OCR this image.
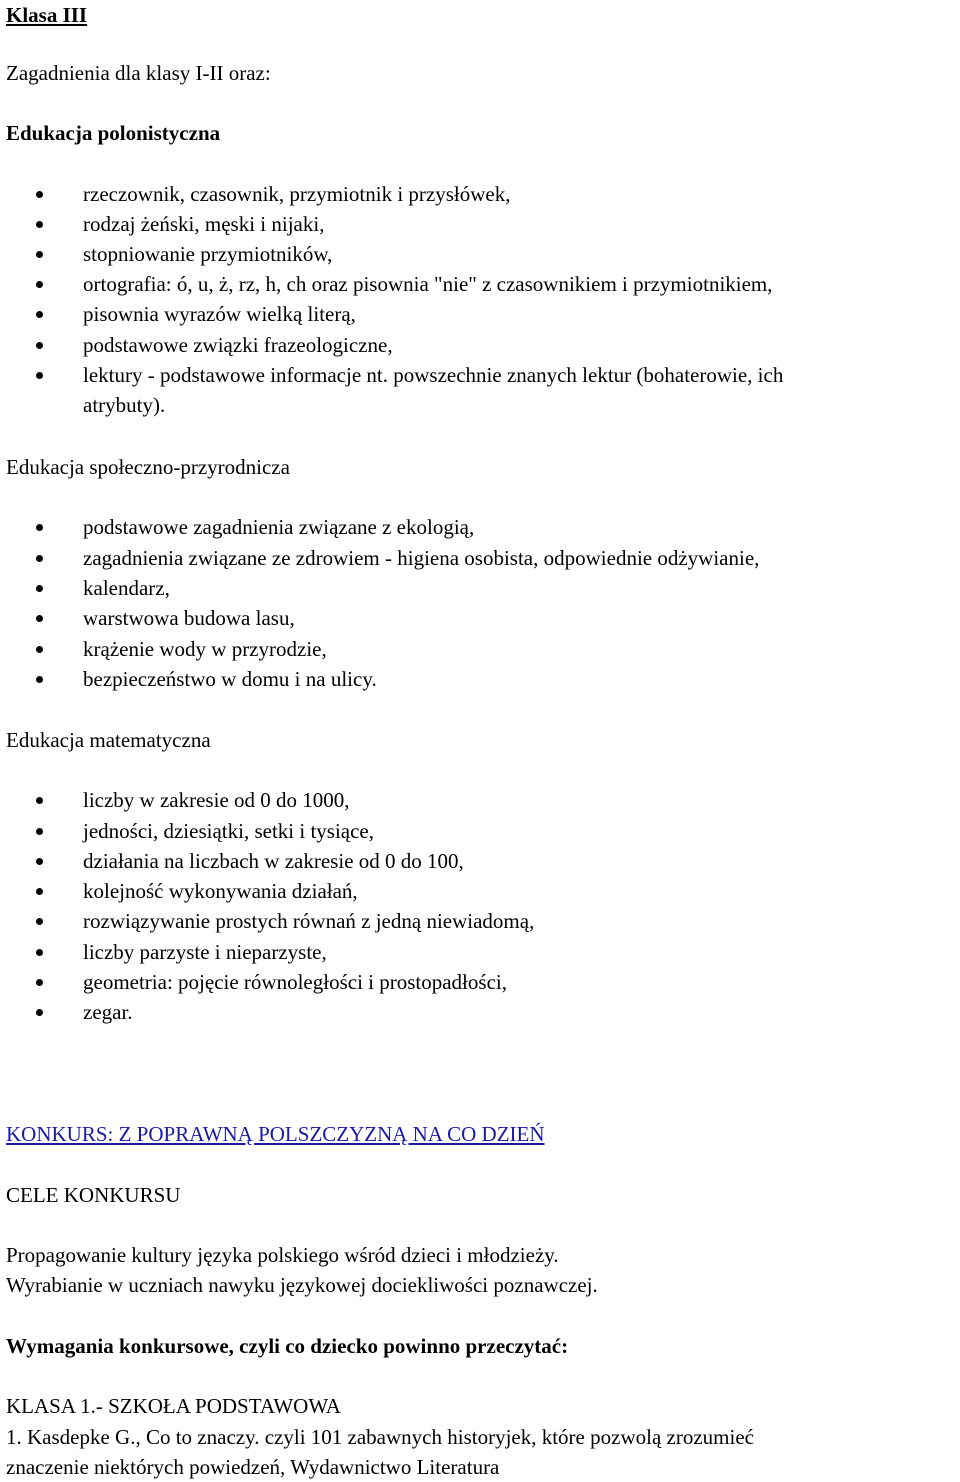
Klasa III
Zagadnienia dla klasy I-II oraz:
Edukacja polonistyczna
rzeczownik, czasownik, przymiotnik i przysłówek,
rodzaj żeński, męski i nijaki,
stopniowanie przymiotników,
ortografia: ó, u, ż, rz, h, ch oraz pisownia "nie" z czasownikiem i przymiotnikiem,
pisownia wyrazów wielką literą,
podstawowe związki frazeologiczne,
lektury - podstawowe informacje nt. powszechnie znanych lektur (bohaterowie, ich
atrybuty).
Edukacja społeczno-przyrodnicza
podstawowe zagadnienia związane z ekologią,
zagadnienia związane ze zdrowiem - higiena osobista, odpowiednie odżywianie,
kalendarz,
warstwowa budowa lasu,
krążenie wody w przyrodzie,
bezpieczeństwo w domu i na ulicy.
Edukacja matematyczna
liczby w zakresie od 0 do 1000,
jedności, dziesiątki, setki i tysiące,
działania na liczbach w zakresie od 0 do 100,
kolejność wykonywania działań,
rozwiązywanie prostych równań z jedną niewiadomą,
liczby parzyste i nieparzyste,
geometria: pojęcie równoległości i prostopadłości,
zegar.
KONKURS: Z POPRAWNĄ POLSZCZYZNĄ NA CO DZIEŃ
CELE KONKURSU
Propagowanie kultury języka polskiego wśród dzieci i młodzieży.
Wyrabianie w uczniach nawyku językowej dociekliwości poznawczej.
Wymagania konkursowe, czyli co dziecko powinno przeczytać:
KLASA 1.- SZKOŁA PODSTAWOWA
1. Kasdepke G., Co to znaczy. czyli 101 zabawnych historyjek, które pozwolą zrozumieć
znaczenie niektórych powiedzeń, Wydawnictwo Literatura
